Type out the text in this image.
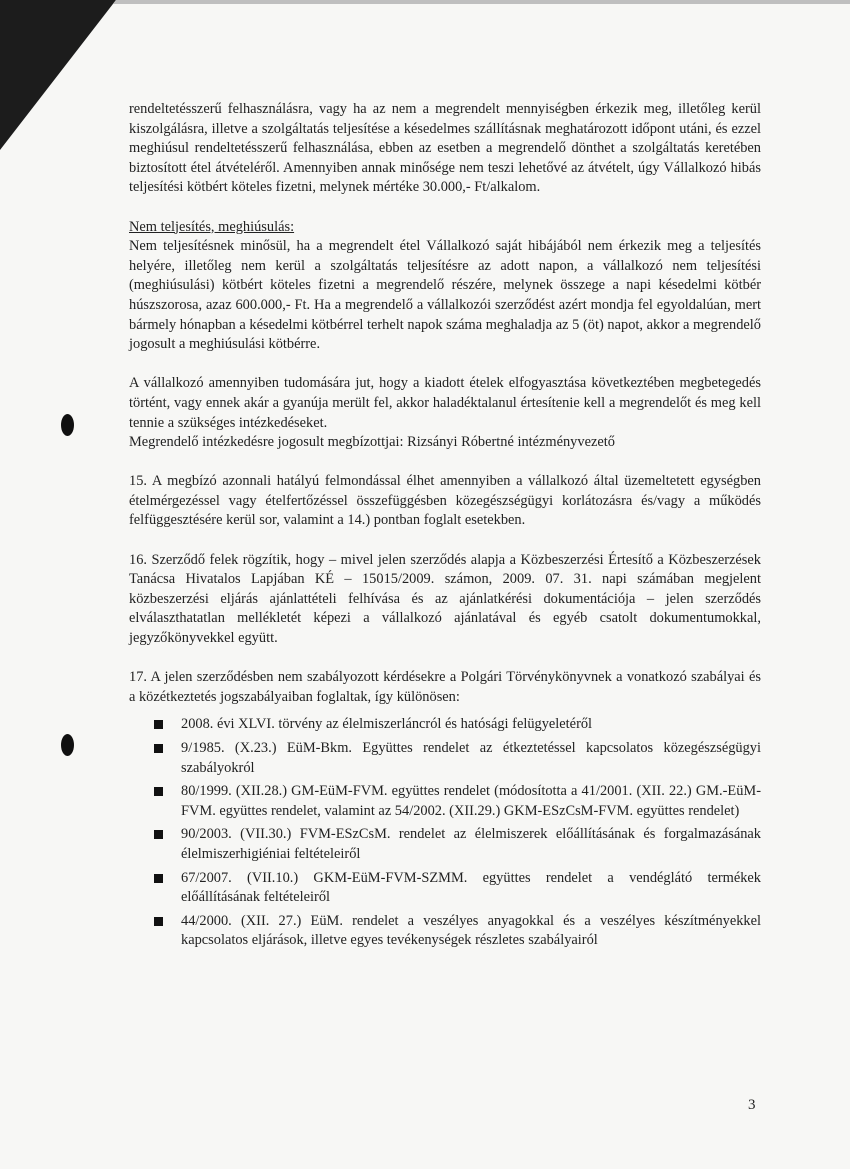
rendeltetésszerű felhasználásra, vagy ha az nem a megrendelt mennyiségben érkezik meg, illetőleg kerül kiszolgálásra, illetve a szolgáltatás teljesítése a késedelmes szállításnak meghatározott időpont utáni, és ezzel meghiúsul rendeltetésszerű felhasználása, ebben az esetben a megrendelő dönthet a szolgáltatás keretében biztosított étel átvételéről. Amennyiben annak minősége nem teszi lehetővé az átvételt, úgy Vállalkozó hibás teljesítési kötbért köteles fizetni, melynek mértéke 30.000,- Ft/alkalom.

Nem teljesítés, meghiúsulás:

Nem teljesítésnek minősül, ha a megrendelt étel Vállalkozó saját hibájából nem érkezik meg a teljesítés helyére, illetőleg nem kerül a szolgáltatás teljesítésre az adott napon, a vállalkozó nem teljesítési (meghiúsulási) kötbért köteles fizetni a megrendelő részére, melynek összege a napi késedelmi kötbér húszszorosa, azaz 600.000,- Ft. Ha a megrendelő a vállalkozói szerződést azért mondja fel egyoldalúan, mert bármely hónapban a késedelmi kötbérrel terhelt napok száma meghaladja az 5 (öt) napot, akkor a megrendelő jogosult a meghiúsulási kötbérre.

A vállalkozó amennyiben tudomására jut, hogy a kiadott ételek elfogyasztása következtében megbetegedés történt, vagy ennek akár a gyanúja merült fel, akkor haladéktalanul értesítenie kell a megrendelőt és meg kell tennie a szükséges intézkedéseket.

Megrendelő intézkedésre jogosult megbízottjai: Rizsányi Róbertné intézményvezető

15. A megbízó azonnali hatályú felmondással élhet amennyiben a vállalkozó által üzemeltetett egységben ételmérgezéssel vagy ételfertőzéssel összefüggésben közegészségügyi korlátozásra és/vagy a működés felfüggesztésére kerül sor, valamint a 14.) pontban foglalt esetekben.

16. Szerződő felek rögzítik, hogy – mivel jelen szerződés alapja a Közbeszerzési Értesítő a Közbeszerzések Tanácsa Hivatalos Lapjában KÉ – 15015/2009. számon, 2009. 07. 31. napi számában megjelent közbeszerzési eljárás ajánlattételi felhívása és az ajánlatkérési dokumentációja – jelen szerződés elválaszthatatlan mellékletét képezi a vállalkozó ajánlatával és egyéb csatolt dokumentumokkal, jegyzőkönyvekkel együtt.

17. A jelen szerződésben nem szabályozott kérdésekre a Polgári Törvénykönyvnek a vonatkozó szabályai és a közétkeztetés jogszabályaiban foglaltak, így különösen:

2008. évi XLVI. törvény az élelmiszerláncról és hatósági felügyeletéről
9/1985. (X.23.) EüM-Bkm. Együttes rendelet az étkeztetéssel kapcsolatos közegészségügyi szabályokról
80/1999. (XII.28.) GM-EüM-FVM. együttes rendelet (módosította a 41/2001. (XII. 22.) GM.-EüM-FVM. együttes rendelet, valamint az 54/2002. (XII.29.) GKM-ESzCsM-FVM. együttes rendelet)
90/2003. (VII.30.) FVM-ESzCsM. rendelet az élelmiszerek előállításának és forgalmazásának élelmiszerhigiéniai feltételeiről
67/2007. (VII.10.) GKM-EüM-FVM-SZMM. együttes rendelet a vendéglátó termékek előállításának feltételeiről
44/2000. (XII. 27.) EüM. rendelet a veszélyes anyagokkal és a veszélyes készítményekkel kapcsolatos eljárások, illetve egyes tevékenységek részletes szabályairól
3
